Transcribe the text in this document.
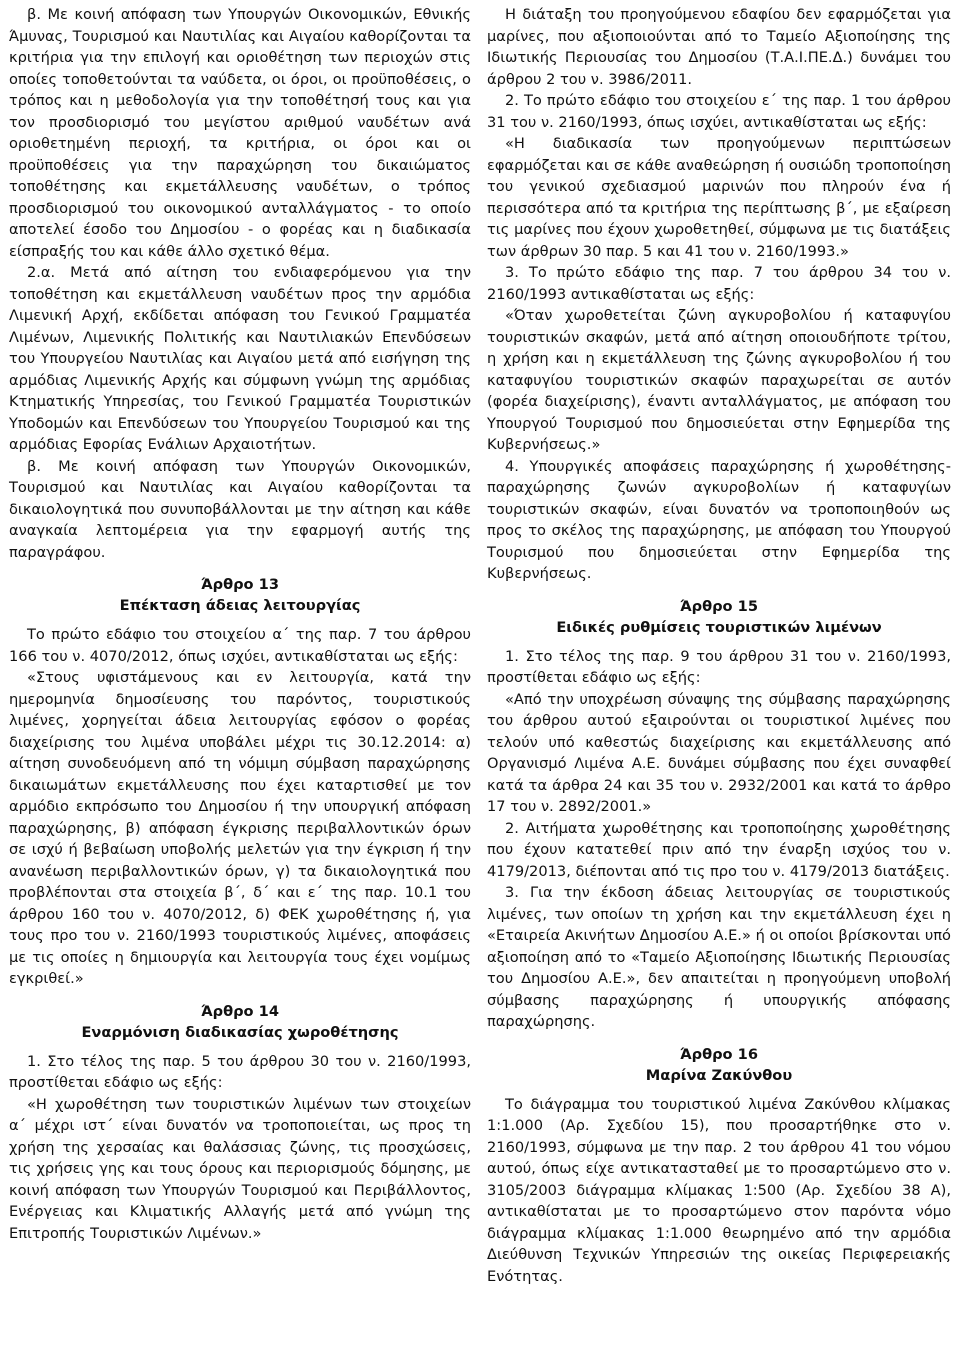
β. Με κοινή απόφαση των Υπουργών Οικονομικών, Εθνικής Άμυνας, Τουρισμού και Ναυτιλίας και Αιγαίου καθορίζονται τα κριτήρια για την επιλογή και οριοθέτηση των περιοχών στις οποίες τοποθετούνται τα ναύδετα, οι όροι, οι προϋποθέσεις, ο τρόπος και η μεθοδολογία για την τοποθέτησή τους και για τον προσδιορισμό του μεγίστου αριθμού ναυδέτων ανά οριοθετημένη περιοχή, τα κριτήρια, οι όροι και οι προϋποθέσεις για την παραχώρηση του δικαιώματος τοποθέτησης και εκμετάλλευσης ναυδέτων, ο τρόπος προσδιορισμού του οικονομικού ανταλλάγματος - το οποίο αποτελεί έσοδο του Δημοσίου - ο φορέας και η διαδικασία είσπραξής του και κάθε άλλο σχετικό θέμα.

2.α. Μετά από αίτηση του ενδιαφερόμενου για την τοποθέτηση και εκμετάλλευση ναυδέτων προς την αρμόδια Λιμενική Αρχή, εκδίδεται απόφαση του Γενικού Γραμματέα Λιμένων, Λιμενικής Πολιτικής και Ναυτιλιακών Επενδύσεων του Υπουργείου Ναυτιλίας και Αιγαίου μετά από εισήγηση της αρμόδιας Λιμενικής Αρχής και σύμφωνη γνώμη της αρμόδιας Κτηματικής Υπηρεσίας, του Γενικού Γραμματέα Τουριστικών Υποδομών και Επενδύσεων του Υπουργείου Τουρισμού και της αρμόδιας Εφορίας Ενάλιων Αρχαιοτήτων.

β. Με κοινή απόφαση των Υπουργών Οικονομικών, Τουρισμού και Ναυτιλίας και Αιγαίου καθορίζονται τα δικαιολογητικά που συνυποβάλλονται με την αίτηση και κάθε αναγκαία λεπτομέρεια για την εφαρμογή αυτής της παραγράφου.

Άρθρο 13
Επέκταση άδειας λειτουργίας

Το πρώτο εδάφιο του στοιχείου α΄ της παρ. 7 του άρθρου 166 του ν. 4070/2012, όπως ισχύει, αντικαθίσταται ως εξής:

«Στους υφιστάμενους και εν λειτουργία, κατά την ημερομηνία δημοσίευσης του παρόντος, τουριστικούς λιμένες, χορηγείται άδεια λειτουργίας εφόσον ο φορέας διαχείρισης του λιμένα υποβάλει μέχρι τις 30.12.2014: α) αίτηση συνοδευόμενη από τη νόμιμη σύμβαση παραχώρησης δικαιωμάτων εκμετάλλευσης που έχει καταρτισθεί με τον αρμόδιο εκπρόσωπο του Δημοσίου ή την υπουργική απόφαση παραχώρησης, β) απόφαση έγκρισης περιβαλλοντικών όρων σε ισχύ ή βεβαίωση υποβολής μελετών για την έγκριση ή την ανανέωση περιβαλλοντικών όρων, γ) τα δικαιολογητικά που προβλέπονται στα στοιχεία β΄, δ΄ και ε΄ της παρ. 10.1 του άρθρου 160 του ν. 4070/2012, δ) ΦΕΚ χωροθέτησης ή, για τους προ του ν. 2160/1993 τουριστικούς λιμένες, αποφάσεις με τις οποίες η δημιουργία και λειτουργία τους έχει νομίμως εγκριθεί.»

Άρθρο 14
Εναρμόνιση διαδικασίας χωροθέτησης

1. Στο τέλος της παρ. 5 του άρθρου 30 του ν. 2160/1993, προστίθεται εδάφιο ως εξής:

«Η χωροθέτηση των τουριστικών λιμένων των στοιχείων α΄ μέχρι ιστ΄ είναι δυνατόν να τροποποιείται, ως προς τη χρήση της χερσαίας και θαλάσσιας ζώνης, τις προσχώσεις, τις χρήσεις γης και τους όρους και περιορισμούς δόμησης, με κοινή απόφαση των Υπουργών Τουρισμού και Περιβάλλοντος, Ενέργειας και Κλιματικής Αλλαγής μετά από γνώμη της Επιτροπής Τουριστικών Λιμένων.»

Η διάταξη του προηγούμενου εδαφίου δεν εφαρμόζεται για μαρίνες, που αξιοποιούνται από το Ταμείο Αξιοποίησης της Ιδιωτικής Περιουσίας του Δημοσίου (Τ.Α.Ι.ΠΕ.Δ.) δυνάμει του άρθρου 2 του ν. 3986/2011.

2. Το πρώτο εδάφιο του στοιχείου ε΄ της παρ. 1 του άρθρου 31 του ν. 2160/1993, όπως ισχύει, αντικαθίσταται ως εξής:

«Η διαδικασία των προηγούμενων περιπτώσεων εφαρμόζεται και σε κάθε αναθεώρηση ή ουσιώδη τροποποίηση του γενικού σχεδιασμού μαρινών που πληρούν ένα ή περισσότερα από τα κριτήρια της περίπτωσης β΄, με εξαίρεση τις μαρίνες που έχουν χωροθετηθεί, σύμφωνα με τις διατάξεις των άρθρων 30 παρ. 5 και 41 του ν. 2160/1993.»

3. Το πρώτο εδάφιο της παρ. 7 του άρθρου 34 του ν. 2160/1993 αντικαθίσταται ως εξής:

«Όταν χωροθετείται ζώνη αγκυροβολίου ή καταφυγίου τουριστικών σκαφών, μετά από αίτηση οποιουδήποτε τρίτου, η χρήση και η εκμετάλλευση της ζώνης αγκυροβολίου ή του καταφυγίου τουριστικών σκαφών παραχωρείται σε αυτόν (φορέα διαχείρισης), έναντι ανταλλάγματος, με απόφαση του Υπουργού Τουρισμού που δημοσιεύεται στην Εφημερίδα της Κυβερνήσεως.»

4. Υπουργικές αποφάσεις παραχώρησης ή χωροθέτησης-παραχώρησης ζωνών αγκυροβολίων ή καταφυγίων τουριστικών σκαφών, είναι δυνατόν να τροποποιηθούν ως προς το σκέλος της παραχώρησης, με απόφαση του Υπουργού Τουρισμού που δημοσιεύεται στην Εφημερίδα της Κυβερνήσεως.

Άρθρο 15
Ειδικές ρυθμίσεις τουριστικών λιμένων

1. Στο τέλος της παρ. 9 του άρθρου 31 του ν. 2160/1993, προστίθεται εδάφιο ως εξής:

«Από την υποχρέωση σύναψης της σύμβασης παραχώρησης του άρθρου αυτού εξαιρούνται οι τουριστικοί λιμένες που τελούν υπό καθεστώς διαχείρισης και εκμετάλλευσης από Οργανισμό Λιμένα Α.Ε. δυνάμει σύμβασης που έχει συναφθεί κατά τα άρθρα 24 και 35 του ν. 2932/2001 και κατά το άρθρο 17 του ν. 2892/2001.»

2. Αιτήματα χωροθέτησης και τροποποίησης χωροθέτησης που έχουν κατατεθεί πριν από την έναρξη ισχύος του ν. 4179/2013, διέπονται από τις προ του ν. 4179/2013 διατάξεις.

3. Για την έκδοση άδειας λειτουργίας σε τουριστικούς λιμένες, των οποίων τη χρήση και την εκμετάλλευση έχει η «Εταιρεία Ακινήτων Δημοσίου Α.Ε.» ή οι οποίοι βρίσκονται υπό αξιοποίηση από το «Ταμείο Αξιοποίησης Ιδιωτικής Περιουσίας του Δημοσίου Α.Ε.», δεν απαιτείται η προηγούμενη υποβολή σύμβασης παραχώρησης ή υπουργικής απόφασης παραχώρησης.

Άρθρο 16
Μαρίνα Ζακύνθου

Το διάγραμμα του τουριστικού λιμένα Ζακύνθου κλίμακας 1:1.000 (Αρ. Σχεδίου 15), που προσαρτήθηκε στο ν. 2160/1993, σύμφωνα με την παρ. 2 του άρθρου 41 του νόμου αυτού, όπως είχε αντικατασταθεί με το προσαρτώμενο στο ν. 3105/2003 διάγραμμα κλίμακας 1:500 (Αρ. Σχεδίου 38 Α), αντικαθίσταται με το προσαρτώμενο στον παρόντα νόμο διάγραμμα κλίμακας 1:1.000 θεωρημένο από την αρμόδια Διεύθυνση Τεχνικών Υπηρεσιών της οικείας Περιφερειακής Ενότητας.
